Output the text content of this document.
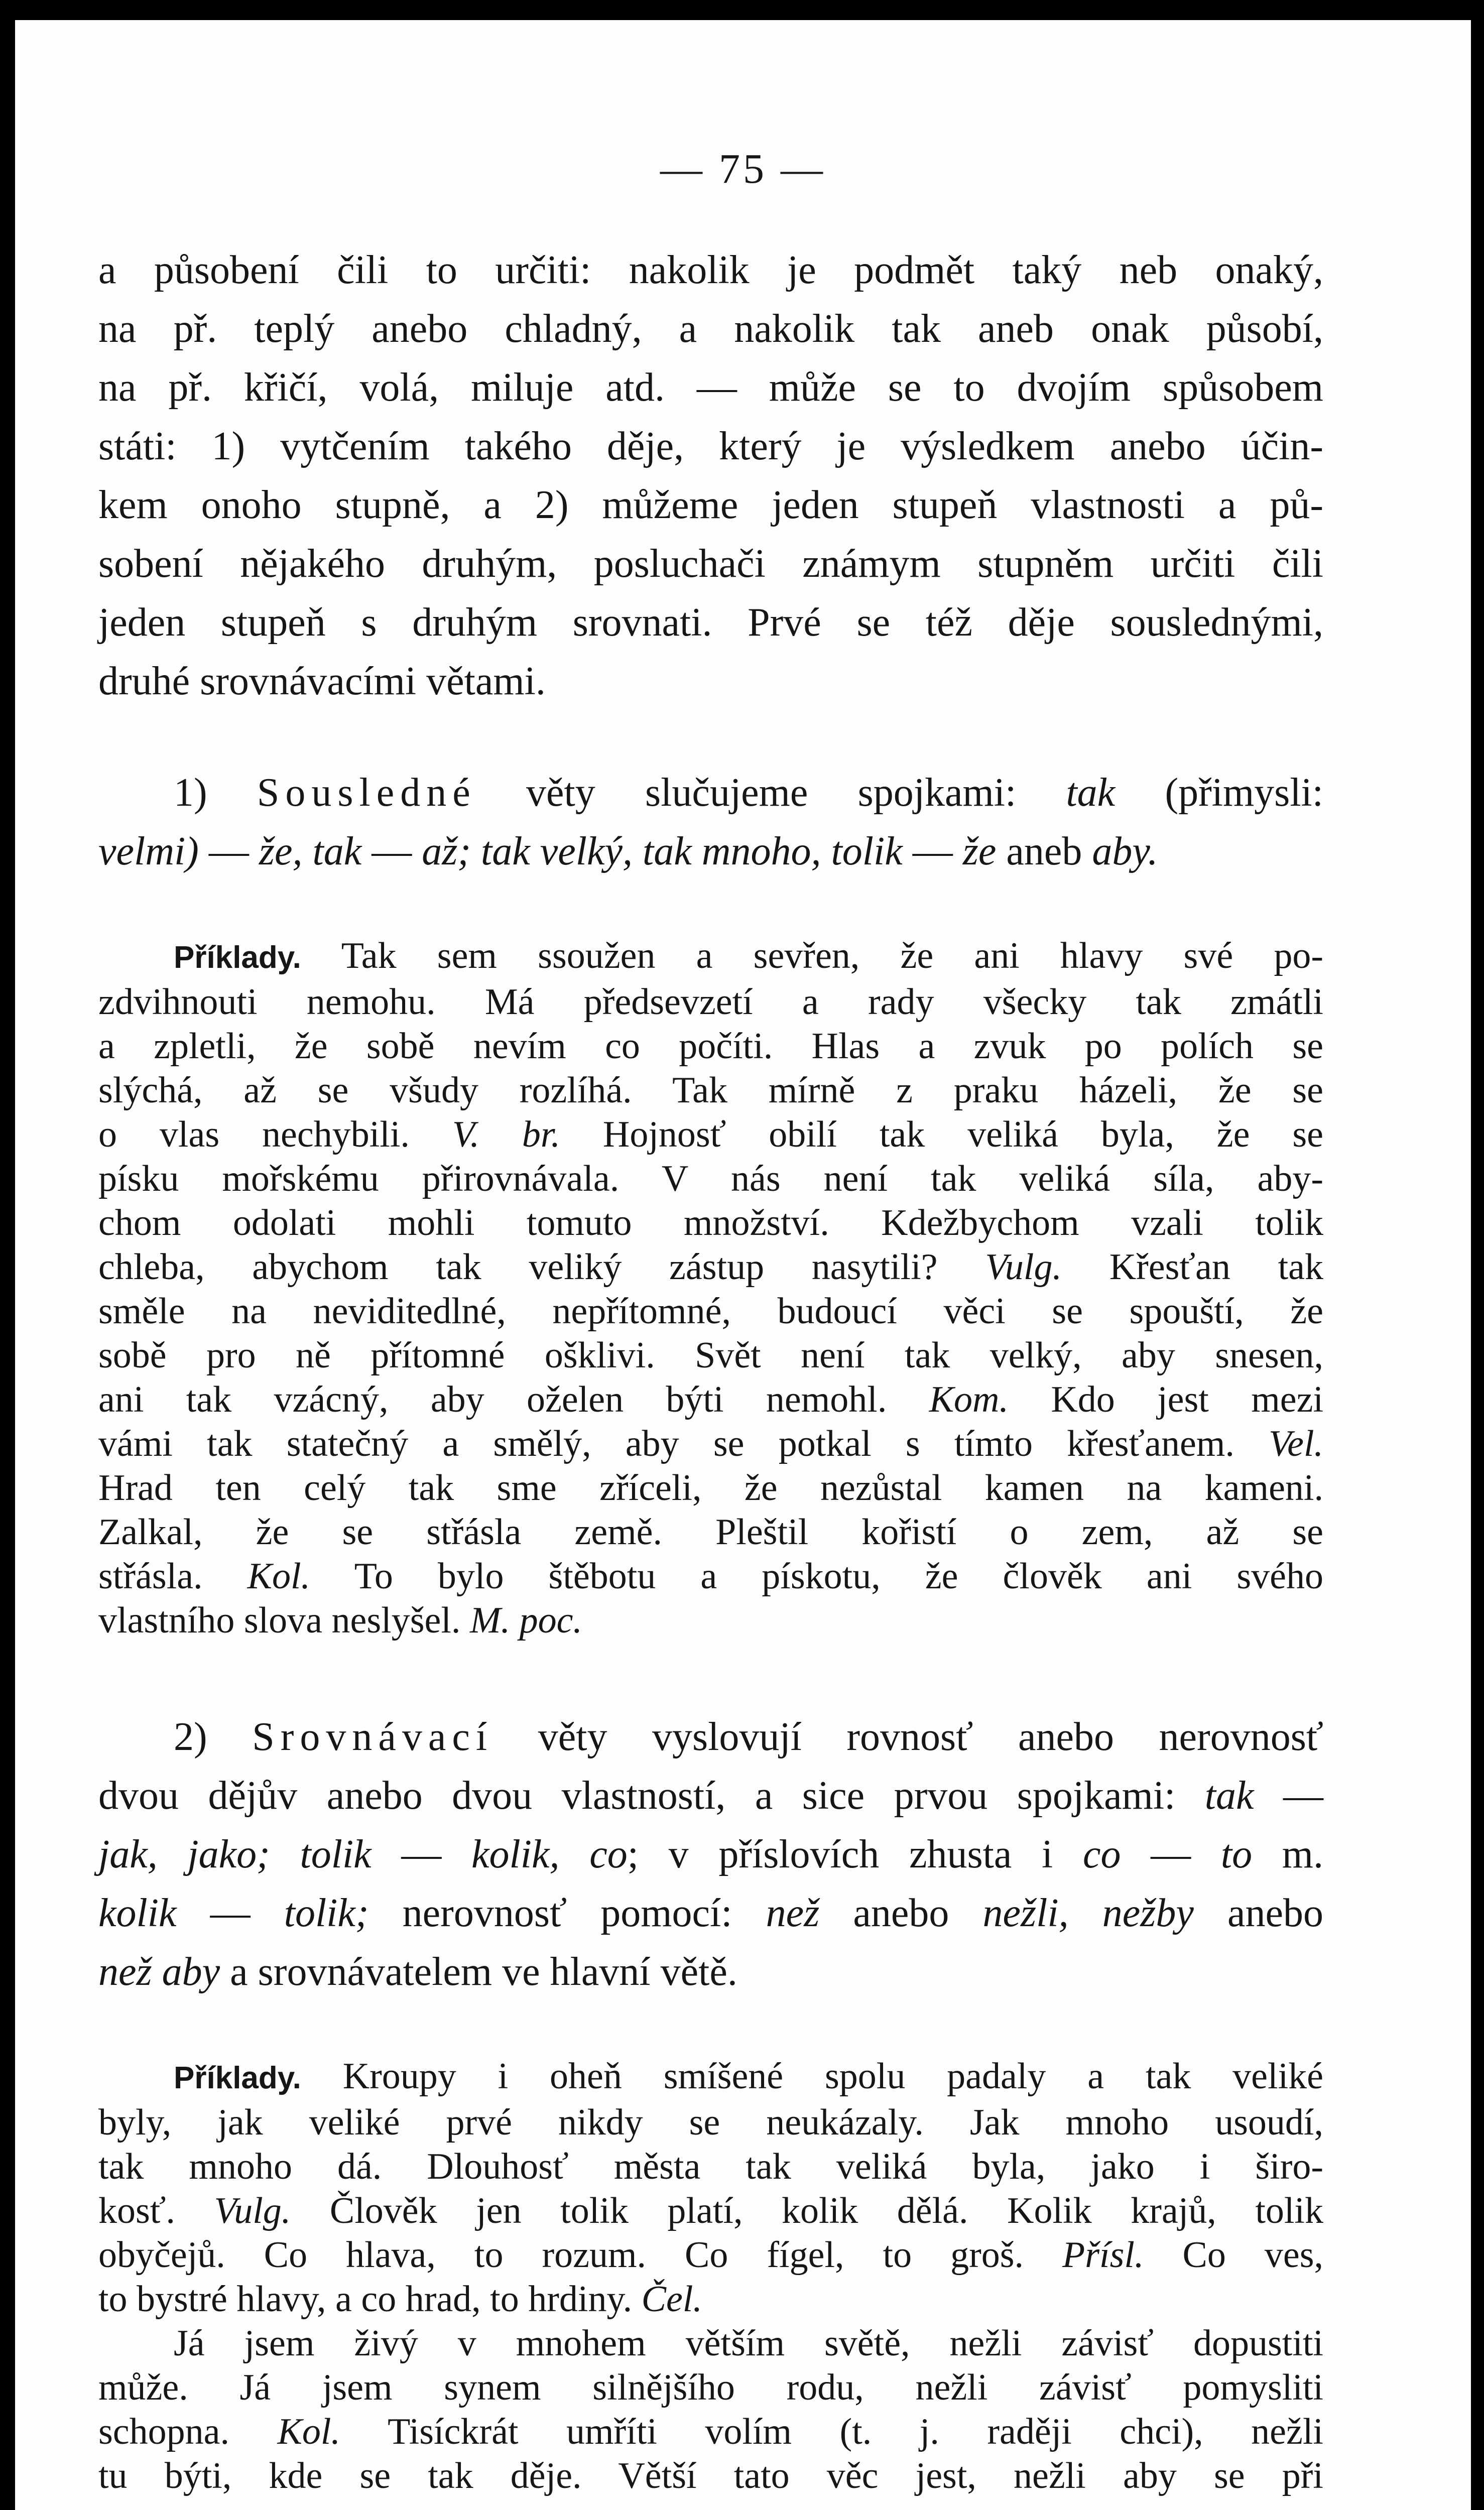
— 75 —
a působení čili to určiti: nakolik je podmět taký neb onaký,
na př. teplý anebo chladný, a nakolik tak aneb onak působí,
na př. křičí, volá, miluje atd. — může se to dvojím spůsobem
státi: 1) vytčením takého děje, který je výsledkem anebo účin-
kem onoho stupně, a 2) můžeme jeden stupeň vlastnosti a pů-
sobení nějakého druhým, posluchači známym stupněm určiti čili
jeden stupeň s druhým srovnati. Prvé se též děje souslednými,
druhé srovnávacími větami.
1) Sousledné věty slučujeme spojkami: tak (přimysli:
velmi) — že, tak — až; tak velký, tak mnoho, tolik — že aneb aby.
Příklady. Tak sem ssoužen a sevřen, že ani hlavy své po-
zdvihnouti nemohu. Má předsevzetí a rady všecky tak zmátli
a zpletli, že sobě nevím co počíti. Hlas a zvuk po polích se
slýchá, až se všudy rozlíhá. Tak mírně z praku házeli, že se
o vlas nechybili. V. br. Hojnosť obilí tak veliká byla, že se
písku mořskému přirovnávala. V nás není tak veliká síla, aby-
chom odolati mohli tomuto množství. Kdežbychom vzali tolik
chleba, abychom tak veliký zástup nasytili? Vulg. Křesťan tak
směle na neviditedlné, nepřítomné, budoucí věci se spouští, že
sobě pro ně přítomné ošklivi. Svět není tak velký, aby snesen,
ani tak vzácný, aby oželen býti nemohl. Kom. Kdo jest mezi
vámi tak statečný a smělý, aby se potkal s tímto křesťanem. Vel.
Hrad ten celý tak sme zříceli, že nezůstal kamen na kameni.
Zalkal, že se střásla země. Pleštil kořistí o zem, až se
střásla. Kol. To bylo štěbotu a pískotu, že člověk ani svého
vlastního slova neslyšel. M. poc.
2) Srovnávací věty vyslovují rovnosť anebo nerovnosť
dvou dějův anebo dvou vlastností, a sice prvou spojkami: tak —
jak, jako; tolik — kolik, co; v příslovích zhusta i co — to m.
kolik — tolik; nerovnosť pomocí: než anebo nežli, nežby anebo
než aby a srovnávatelem ve hlavní větě.
Příklady. Kroupy i oheň smíšené spolu padaly a tak veliké
byly, jak veliké prvé nikdy se neukázaly. Jak mnoho usoudí,
tak mnoho dá. Dlouhosť města tak veliká byla, jako i širo-
kosť. Vulg. Člověk jen tolik platí, kolik dělá. Kolik krajů, tolik
obyčejů. Co hlava, to rozum. Co fígel, to groš. Přísl. Co ves,
to bystré hlavy, a co hrad, to hrdiny. Čel.
Já jsem živý v mnohem větším světě, nežli závisť dopustiti
může. Já jsem synem silnějšího rodu, nežli závisť pomysliti
schopna. Kol. Tisíckrát umříti volím (t. j. raději chci), nežli
tu býti, kde se tak děje. Větší tato věc jest, nežli aby se při
